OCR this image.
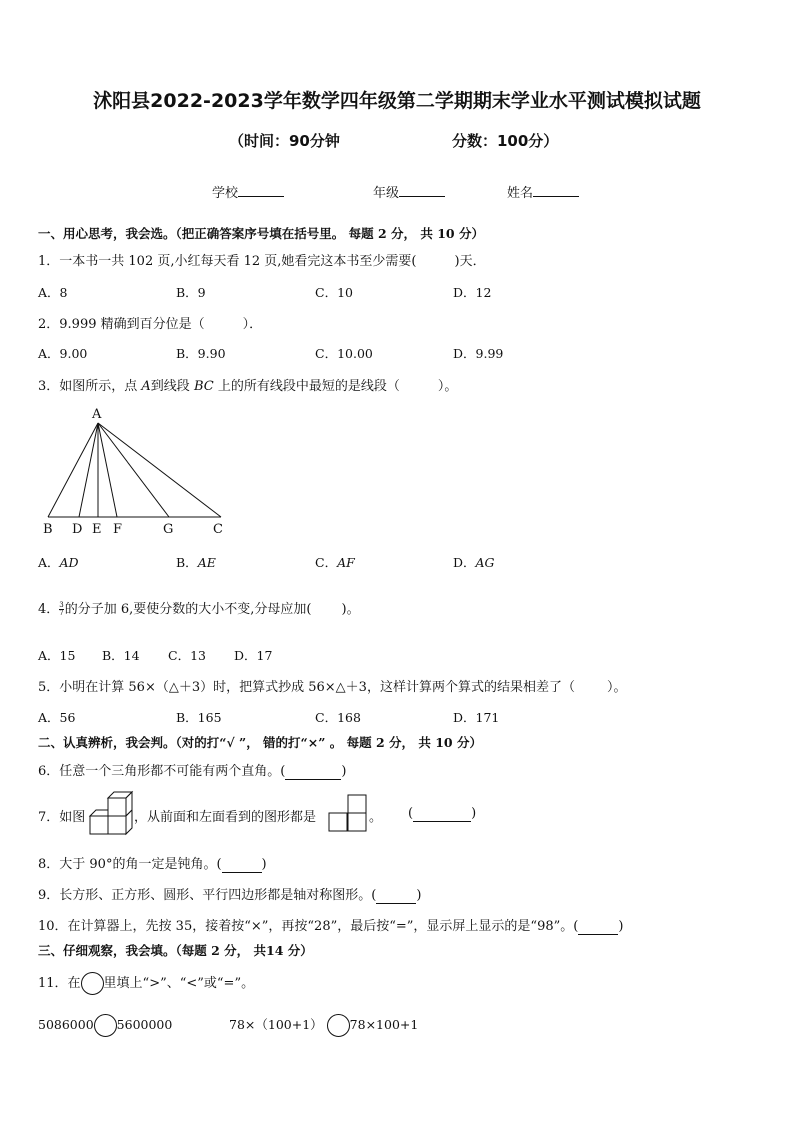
沭阳县2022-2023学年数学四年级第二学期期末学业水平测试模拟试题
（时间：90分钟	分数：100分）
学校	年级	姓名
一、用心思考，我会选。（把正确答案序号填在括号里。 每题 2 分， 共 10 分）
1．一本书一共 102 页,小红每天看 12 页,她看完这本书至少需要(	)天．
A．8	B．9	C．10	D．12
2．9.999 精确到百分位是（	）．
A．9.00	B．9.90	C．10.00	D．9.99
3．如图所示，点 A到线段 BC 上的所有线段中最短的是线段（	）。
A
B D E F	G	C
A．AD	B．AE	C．AF	D．AG
4． $\frac{3}{7}$ 的分子加 6,要使分数的大小不变,分母应加( )。
A．15 B．14 C．13 D．17
5．小明在计算 56×（△＋3）时，把算式抄成 56×△＋3，这样计算两个算式的结果相差了（ ）。
A．56	B．165	C．168	D．171
二、认真辨析，我会判。（对的打“√ ”， 错的打“×” 。 每题 2 分， 共 10 分）
6．任意一个三角形都不可能有两个直角。(	)
7．如图	，从前面和左面看到的图形都是	。 (	)
8．大于 90°的角一定是钝角。(	)
9．长方形、正方形、圆形、平行四边形都是轴对称图形。(	)
10．在计算器上，先按 35，接着按“×”，再按“28”，最后按“=”，显示屏上显示的是“98”。(	)
三、仔细观察，我会填。（每题 2 分， 共14 分）
11．在 里填上“>”、“<”或“=”。
5086000 5600000	78×（100+1） 78×100+1
